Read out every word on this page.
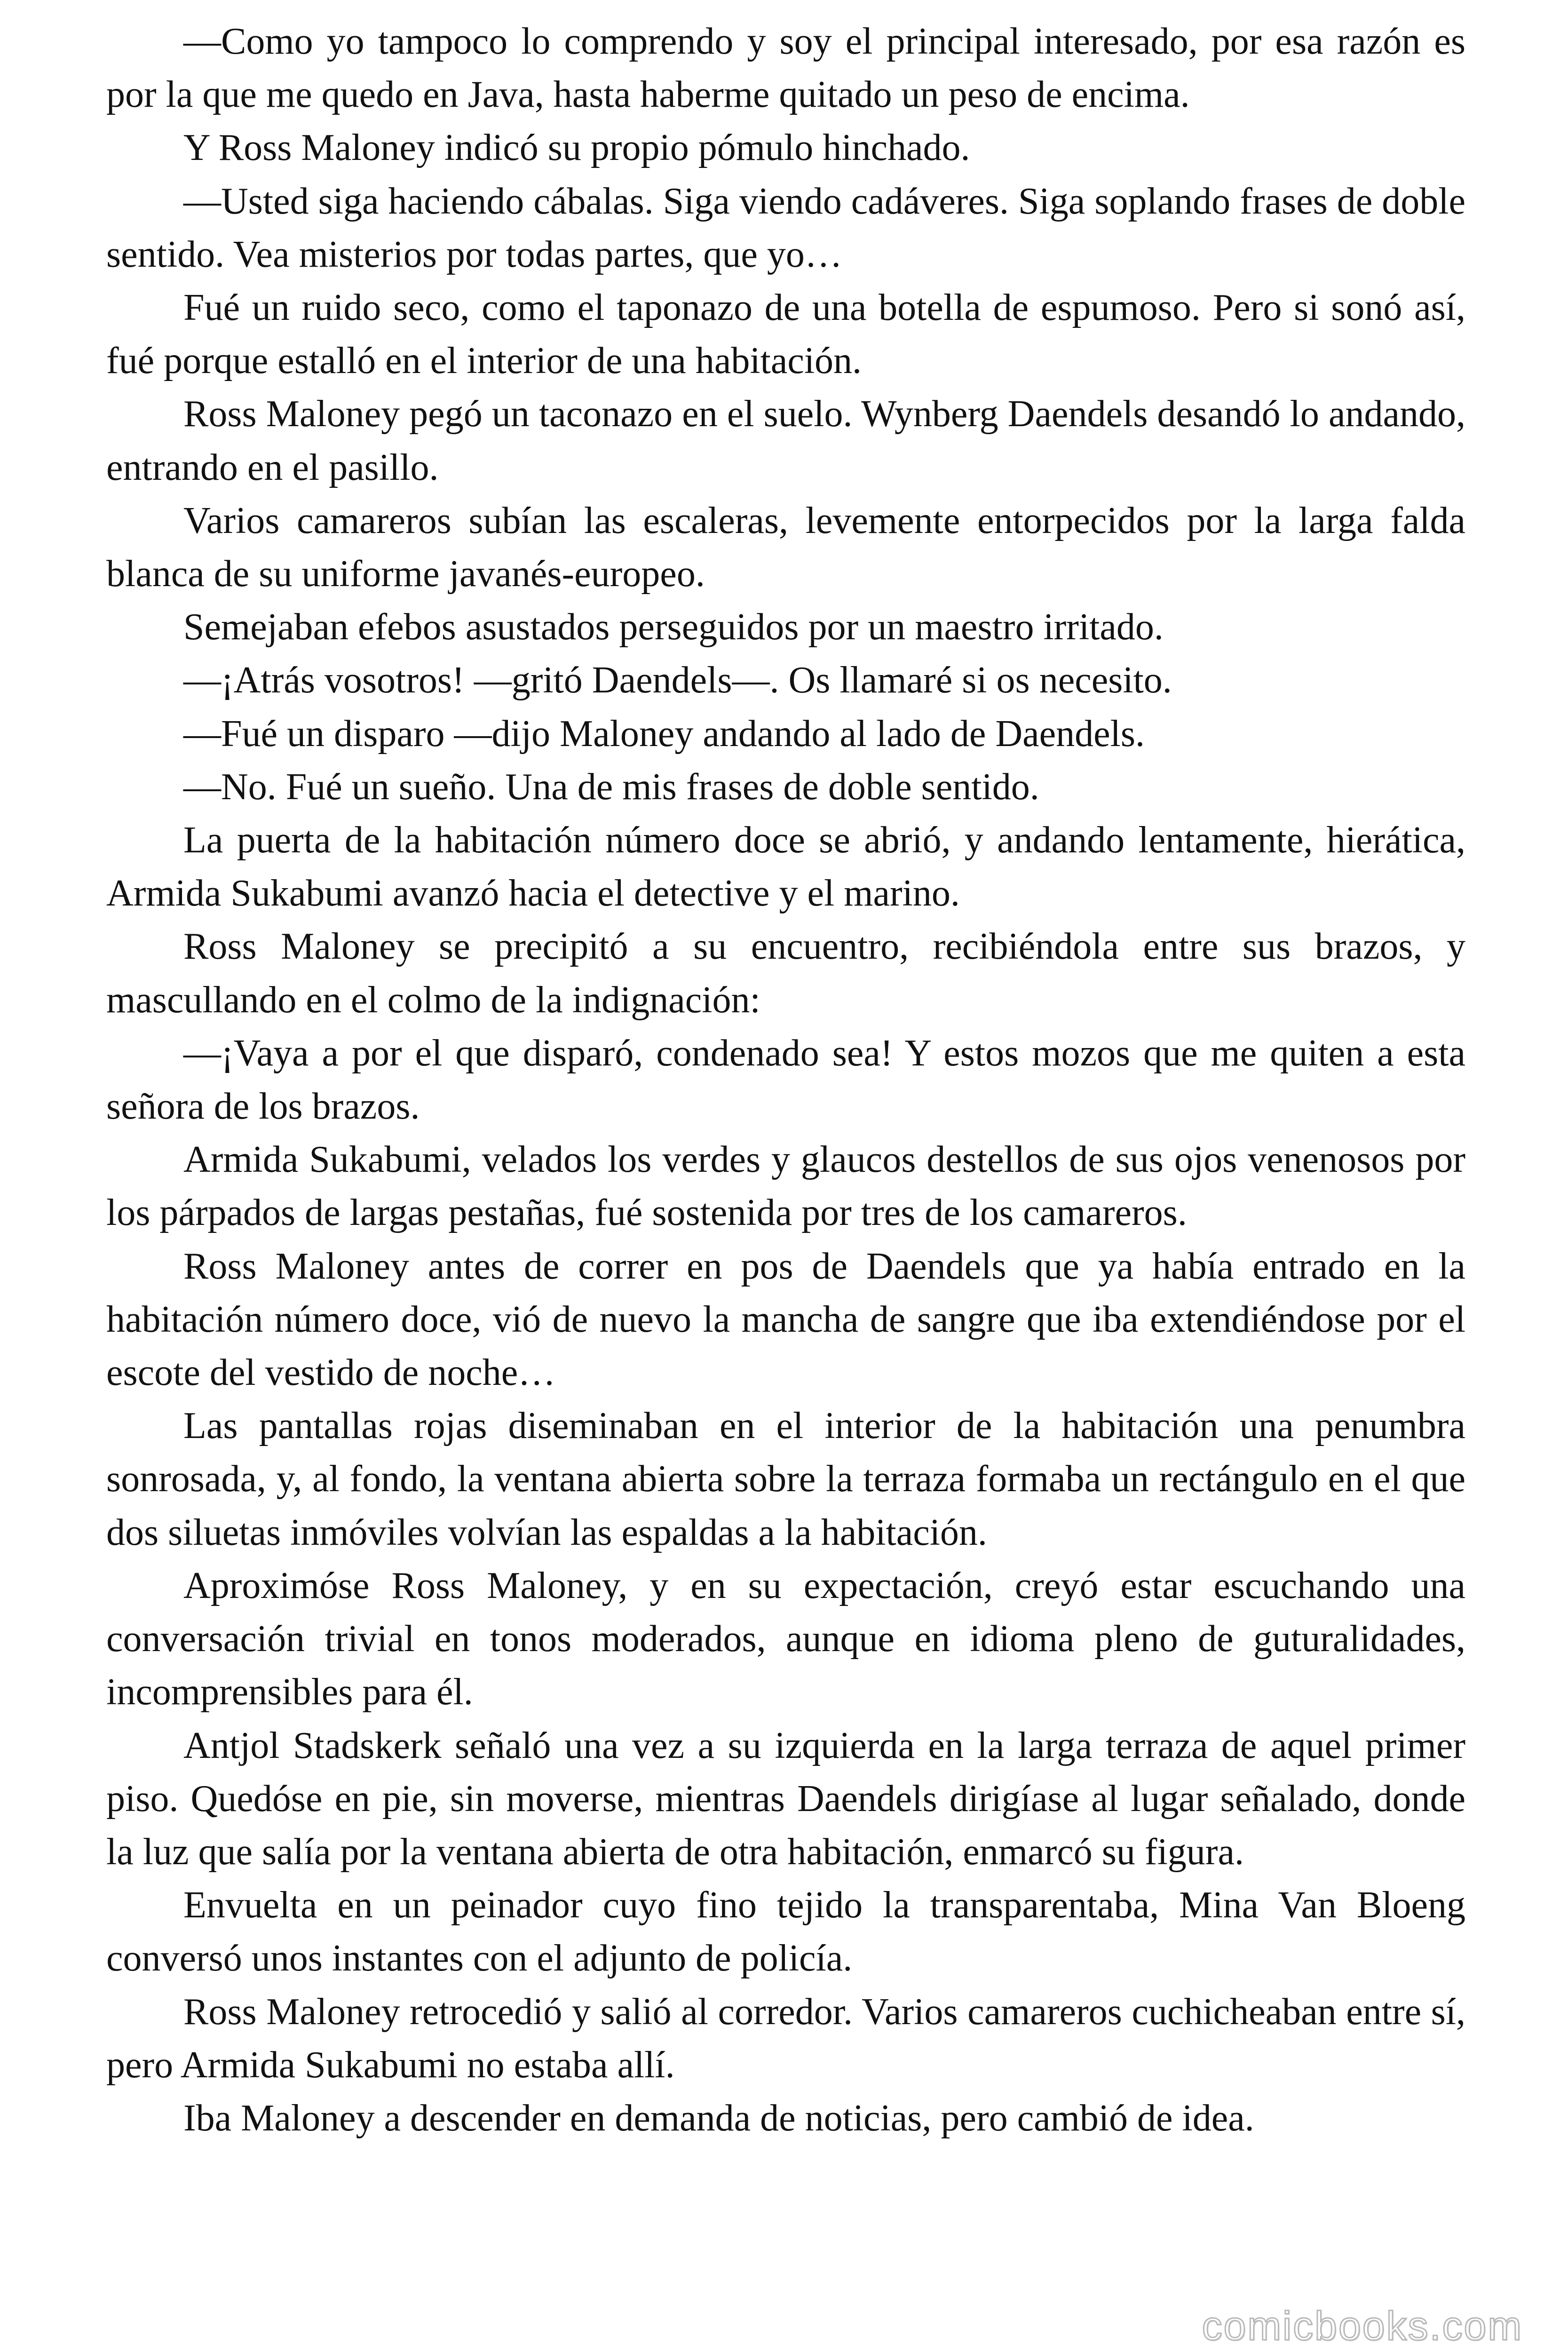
—Como yo tampoco lo comprendo y soy el principal interesado, por esa razón es por la que me quedo en Java, hasta haberme quitado un peso de encima.

Y Ross Maloney indicó su propio pómulo hinchado.

—Usted siga haciendo cábalas. Siga viendo cadáveres. Siga soplando frases de doble sentido. Vea misterios por todas partes, que yo…

Fué un ruido seco, como el taponazo de una botella de espumoso. Pero si sonó así, fué porque estalló en el interior de una habitación.

Ross Maloney pegó un taconazo en el suelo. Wynberg Daendels desandó lo andando, entrando en el pasillo.

Varios camareros subían las escaleras, levemente entorpecidos por la larga falda blanca de su uniforme javanés-europeo.

Semejaban efebos asustados perseguidos por un maestro irritado.

—¡Atrás vosotros! —gritó Daendels—. Os llamaré si os necesito.

—Fué un disparo —dijo Maloney andando al lado de Daendels.

—No. Fué un sueño. Una de mis frases de doble sentido.

La puerta de la habitación número doce se abrió, y andando lentamente, hierática, Armida Sukabumi avanzó hacia el detective y el marino.

Ross Maloney se precipitó a su encuentro, recibiéndola entre sus brazos, y mascullando en el colmo de la indignación:

—¡Vaya a por el que disparó, condenado sea! Y estos mozos que me quiten a esta señora de los brazos.

Armida Sukabumi, velados los verdes y glaucos destellos de sus ojos venenosos por los párpados de largas pestañas, fué sostenida por tres de los camareros.

Ross Maloney antes de correr en pos de Daendels que ya había entrado en la habitación número doce, vió de nuevo la mancha de sangre que iba extendiéndose por el escote del vestido de noche…

Las pantallas rojas diseminaban en el interior de la habitación una penumbra sonrosada, y, al fondo, la ventana abierta sobre la terraza formaba un rectángulo en el que dos siluetas inmóviles volvían las espaldas a la habitación.

Aproximóse Ross Maloney, y en su expectación, creyó estar escuchando una conversación trivial en tonos moderados, aunque en idioma pleno de guturalidades, incomprensibles para él.

Antjol Stadskerk señaló una vez a su izquierda en la larga terraza de aquel primer piso. Quedóse en pie, sin moverse, mientras Daendels dirigíase al lugar señalado, donde la luz que salía por la ventana abierta de otra habitación, enmarcó su figura.

Envuelta en un peinador cuyo fino tejido la transparentaba, Mina Van Bloeng conversó unos instantes con el adjunto de policía.

Ross Maloney retrocedió y salió al corredor. Varios camareros cuchicheaban entre sí, pero Armida Sukabumi no estaba allí.

Iba Maloney a descender en demanda de noticias, pero cambió de idea.

comicbooks.com
